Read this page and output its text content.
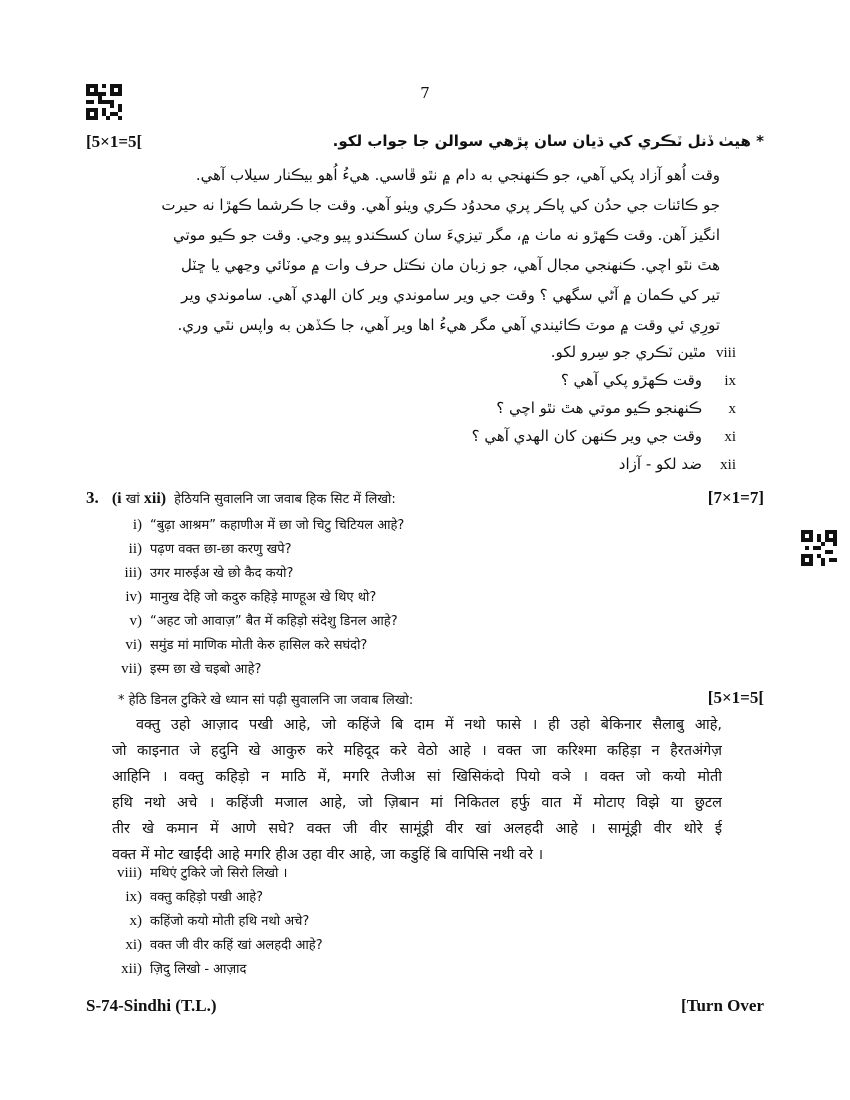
7
[5×1=5[	* هيٺ ڏنل ٽڪري کي ڌيان سان پڙهي سوالن جا جواب لکو.
وقت اُهو آزاد پکي آهي، جو ڪنهنجي به دام ۾ نٿو ڦاسي. هيءُ اُهو بيڪنار سيلاب آهي.
جو ڪائنات جي حدُن کي پاڪر پري محدوُد ڪري ويٺو آهي. وقت جا ڪرشما ڪهڙا نه حيرت
انگيز آهن. وقت ڪهڙو نه ماٺ ۾، مگر تيزيءَ سان کسڪندو پيو وڃي. وقت جو ڪيو موتي
هٿ نٿو اچي. ڪنهنجي مجال آهي، جو زبان مان نڪتل حرف وات ۾ موٽائي وڃهي يا ڇٽل
تير کي ڪمان ۾ آڻي سگهي ؟ وقت جي وير ساموندي وير کان الهدي آهي. ساموندي وير
تورِي ئي وقت ۾ موٽ ڪائيندي آهي مگر هيءُ اها وير آهي، جا ڪڏهن به واپس نٿي وري.
viiiمٿين ٽڪري جو سِرو لکو.
ixوقت ڪهڙو پکي آهي ؟
xڪنهنجو ڪيو موتي هٿ نٿو اچي ؟
xiوقت جي وير ڪنهن کان الهدي آهي ؟
xiiضد لکو - آزاد
3. (i खां xii) हेठियनि सुवालनि जा जवाब हिक सिट में लिखो:	[7×1=7]
i) “बुढ़ा आश्रम” कहाणीअ में छा जो चिटु चिटियल आहे?
ii) पढ़ण वक्त छा-छा करणु खपे?
iii) उगर मारुईअ खे छो कैद कयो?
iv) मानुख देहि जो कदुरु कहिड़े माण्हूअ खे थिए थो?
v) “अहट जो आवाज़” बैत में कहिड़ो संदेशु डिनल आहे?
vi) समुंड मां माणिक मोती केरु हासिल करे सघंदो?
vii) इस्म छा खे चइबो आहे?
* हेठि डिनल टुकिरे खे ध्यान सां पढ़ी सुवालनि जा जवाब लिखो:	[5×1=5[
वक्तु उहो आज़ाद पखी आहे, जो कहिंजे बि दाम में नथो फासे । ही उहो बेकिनार सैलाबु आहे,
जो काइनात जे हदुनि खे आकुरु करे महिदूद करे वेठो आहे । वक्त जा करिश्मा कहिड़ा न हैरतअंगेज़
आहिनि । वक्तु कहिड़ो न माठि में, मगरि तेजीअ सां खिसिकंदो पियो वञे । वक्त जो कयो मोती
हथि नथो अचे । कहिंजी मजाल आहे, जो ज़िबान मां निकितल हर्फु वात में मोटाए विझे या छुटल
तीर खे कमान में आणे सघे? वक्त जी वीर सामूंड्री वीर खां अलहदी आहे । सामूंड्री वीर थोरे ई
वक्त में मोट खाईंदी आहे मगरि हीअ उहा वीर आहे, जा कडुहिं बि वापिसि नथी वरे ।
viii) मथिएं टुकिरे जो सिरो लिखो ।
ix) वक्तु कहिड़ो पखी आहे?
x) कहिंजो कयो मोती हथि नथो अचे?
xi) वक्त जी वीर कहिं खां अलहदी आहे?
xii) ज़िदु लिखो - आज़ाद
S-74-Sindhi (T.L.)	[Turn Over
